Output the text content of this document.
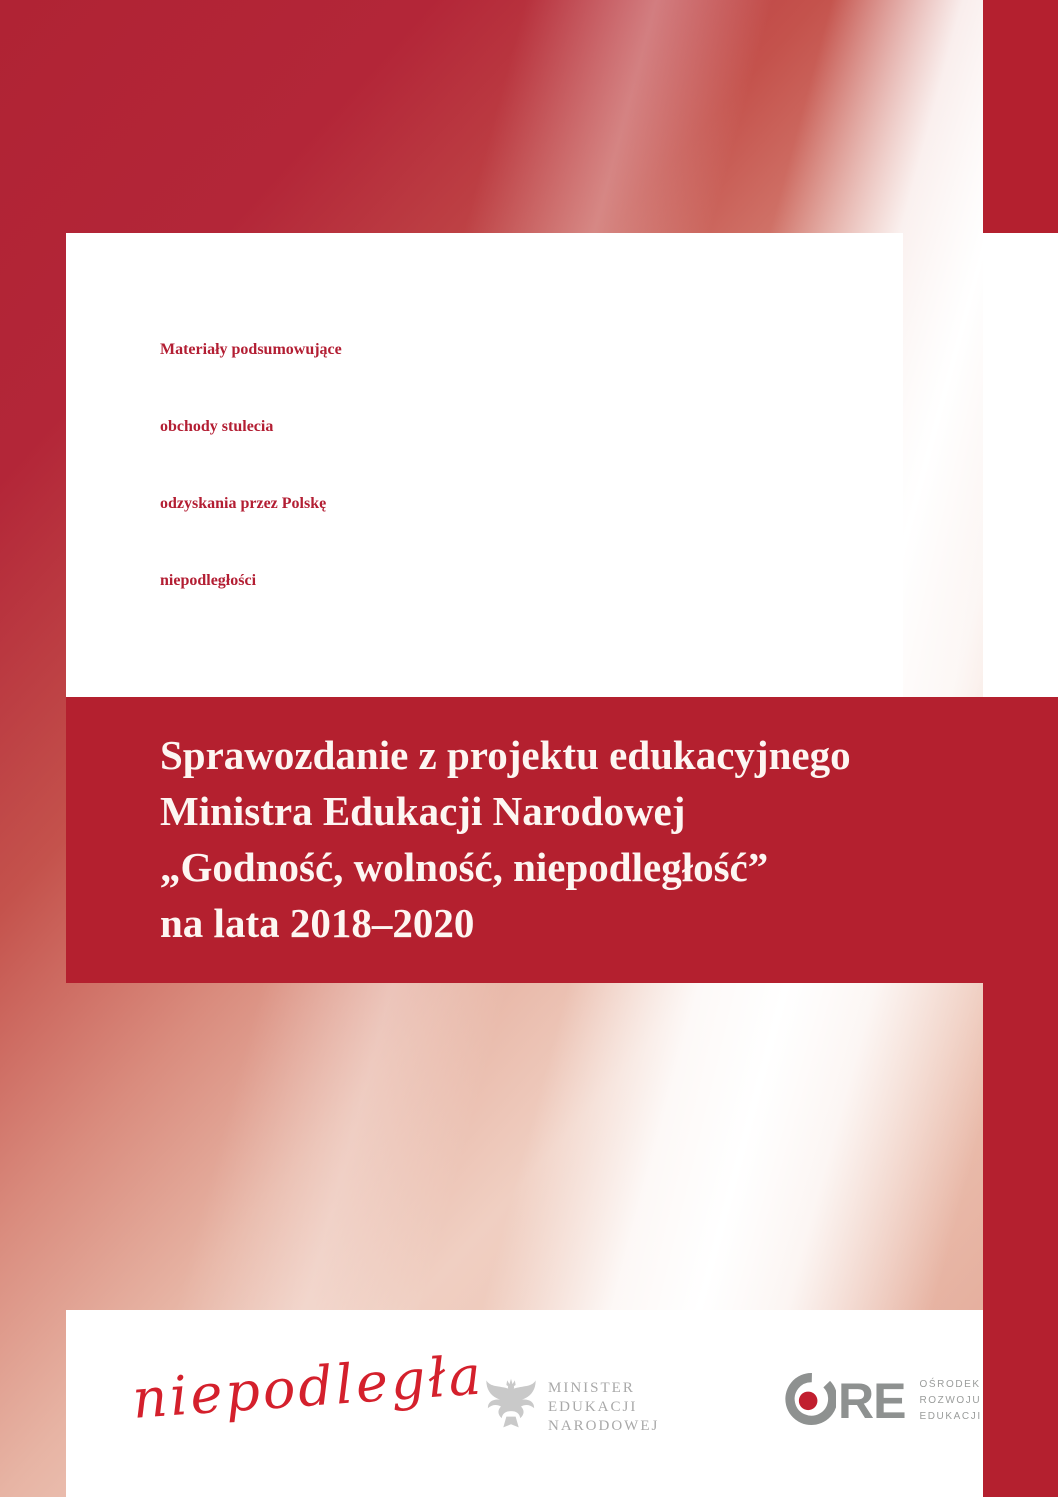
Materiały podsumowujące
obchody stulecia
odzyskania przez Polskę
niepodległości
Sprawozdanie z projektu edukacyjnego
Ministra Edukacji Narodowej
„Godność, wolność, niepodległość”
na lata 2018–2020
niepodległa	MINISTER
EDUKACJI
NARODOWEJ	RE OŚRODEK
ROZWOJU
EDUKACJI
